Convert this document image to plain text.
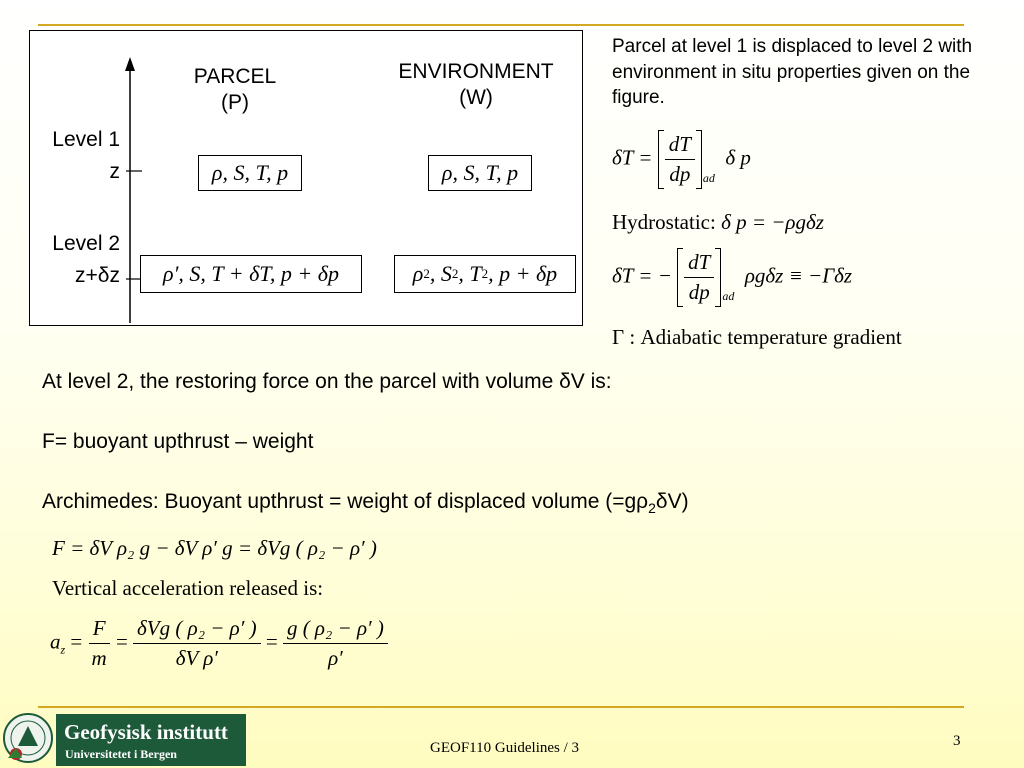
PARCEL
(P)
ENVIRONMENT
(W)
Level 1
z
Level 2
z+δz
ρ, S, T, p	ρ, S, T, p
ρ′, S, T + δT, p + δp	ρ 2 , S 2 , T 2 , p + δp
Parcel at level 1 is displaced to level 2 with environment in situ properties given on the figure.
$\delta T = \frac{dT}{dp} _{ad}$  δ p
Hydrostatic: δ p = −ρgδz
δT = − $\frac{dT}{dp} _{ad}$  ρgδz ≡ −Γδz
Γ : Adiabatic temperature gradient
At level 2, the restoring force on the parcel with volume δV is:
F= buoyant upthrust – weight
Archimedes: Buoyant upthrust = weight of displaced volume $(=g\rho_2\delta V)$
F = δV ρ₂ g − δV ρ′ g = δVg ( ρ₂ − ρ′ )
Vertical acceleration released is:
$a_z = \frac{F}{m} = \frac{\text{δVg ( ρ₂ − ρ′ )}}{\text{δV ρ′}} = \frac{\text{g ( ρ₂ − ρ′ )}}{\rho'}$
Geofysisk institutt
Universitetet i Bergen	GEOF110 Guidelines / 3	3
